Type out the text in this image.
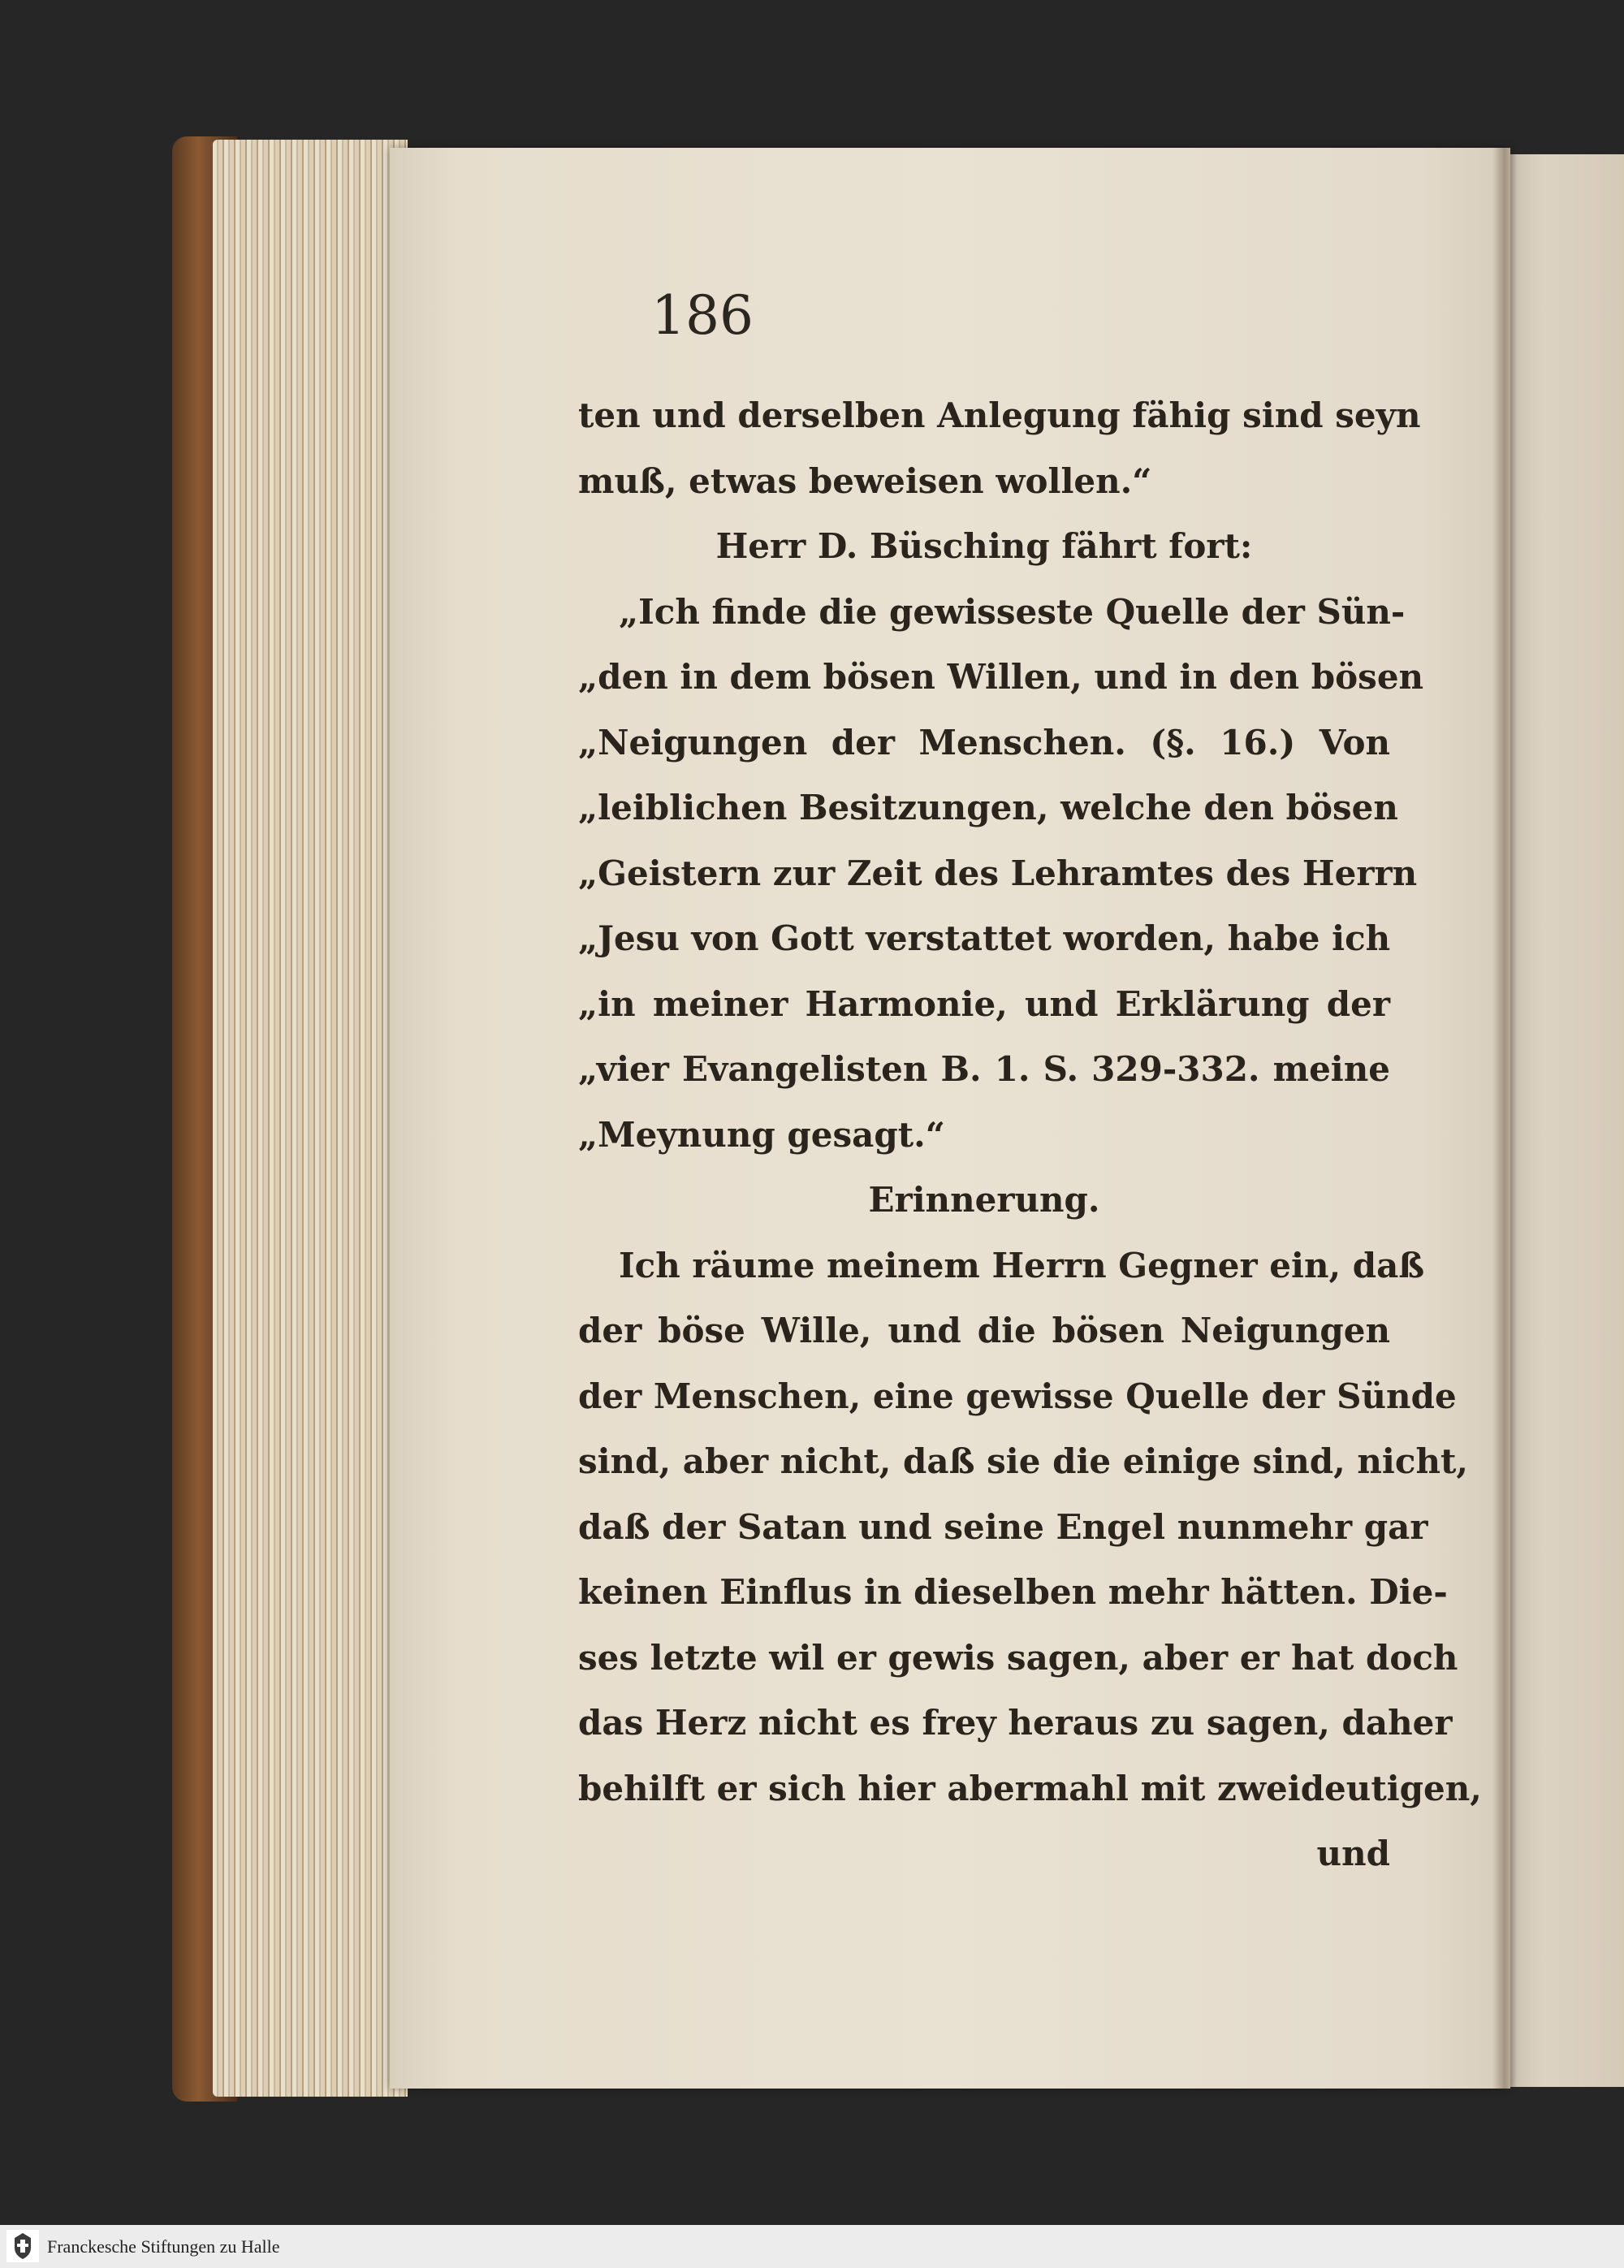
186
ten und derselben Anlegung fähig sind seyn
muß, etwas beweisen wollen.“
Herr D. Büsching fährt fort:
„Ich finde die gewisseste Quelle der Sün-
„den in dem bösen Willen, und in den bösen
„Neigungen der Menschen. (§. 16.) Von
„leiblichen Besitzungen, welche den bösen
„Geistern zur Zeit des Lehramtes des Herrn
„Jesu von Gott verstattet worden, habe ich
„in meiner Harmonie, und Erklärung der
„vier Evangelisten B. 1. S. 329-332. meine
„Meynung gesagt.“
Erinnerung.
Ich räume meinem Herrn Gegner ein, daß
der böse Wille, und die bösen Neigungen
der Menschen, eine gewisse Quelle der Sünde
sind, aber nicht, daß sie die einige sind, nicht,
daß der Satan und seine Engel nunmehr gar
keinen Einflus in dieselben mehr hätten. Die-
ses letzte wil er gewis sagen, aber er hat doch
das Herz nicht es frey heraus zu sagen, daher
behilft er sich hier abermahl mit zweideutigen,
und
Franckesche Stiftungen zu Halle
